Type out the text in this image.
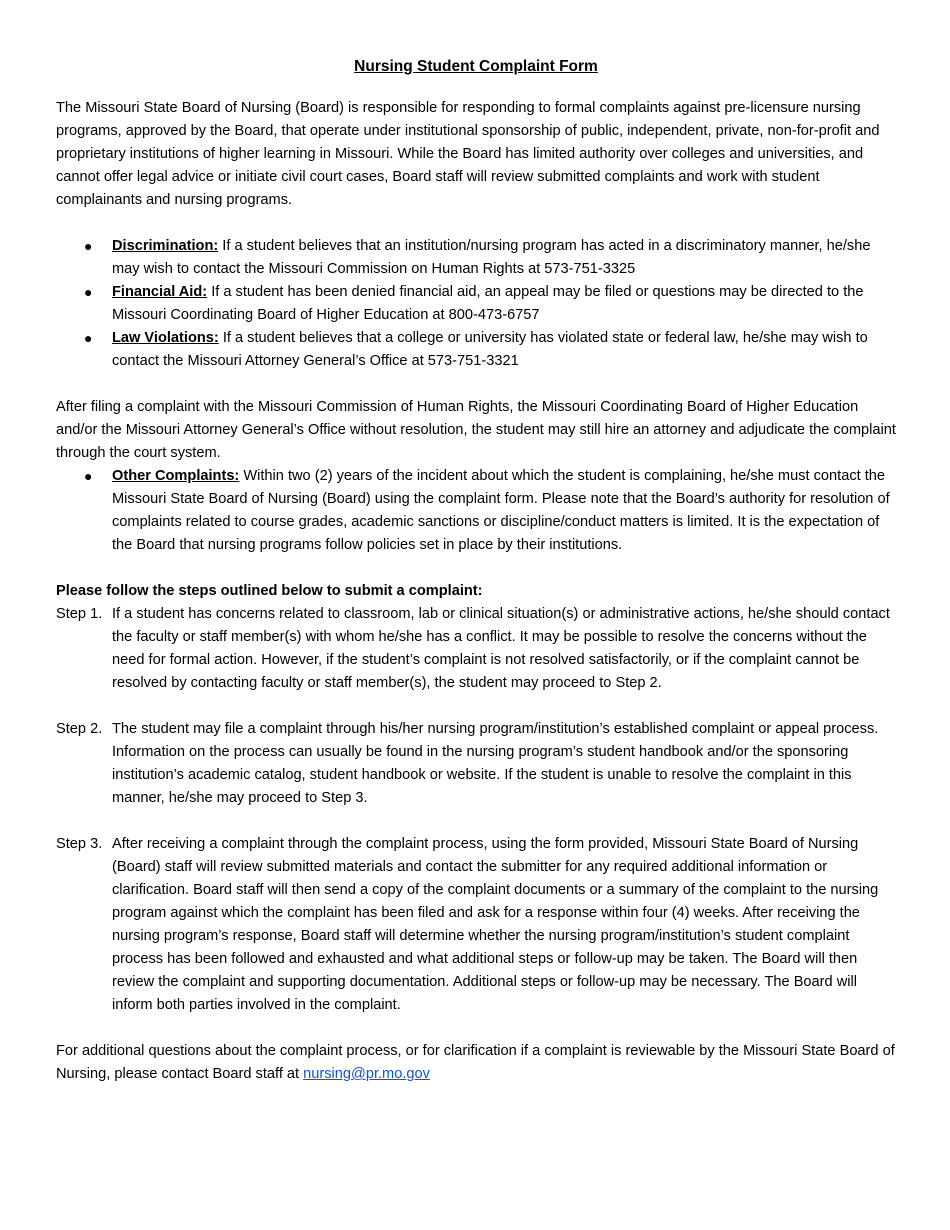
Nursing Student Complaint Form

The Missouri State Board of Nursing (Board) is responsible for responding to formal complaints against pre-licensure nursing programs, approved by the Board, that operate under institutional sponsorship of public, independent, private, non-for-profit and proprietary institutions of higher learning in Missouri. While the Board has limited authority over colleges and universities, and cannot offer legal advice or initiate civil court cases, Board staff will review submitted complaints and work with student complainants and nursing programs.

● Discrimination: If a student believes that an institution/nursing program has acted in a discriminatory manner, he/she may wish to contact the Missouri Commission on Human Rights at 573-751-3325
● Financial Aid: If a student has been denied financial aid, an appeal may be filed or questions may be directed to the Missouri Coordinating Board of Higher Education at 800-473-6757
● Law Violations: If a student believes that a college or university has violated state or federal law, he/she may wish to contact the Missouri Attorney General’s Office at 573-751-3321

After filing a complaint with the Missouri Commission of Human Rights, the Missouri Coordinating Board of Higher Education and/or the Missouri Attorney General’s Office without resolution, the student may still hire an attorney and adjudicate the complaint through the court system.

● Other Complaints: Within two (2) years of the incident about which the student is complaining, he/she must contact the Missouri State Board of Nursing (Board) using the complaint form. Please note that the Board’s authority for resolution of complaints related to course grades, academic sanctions or discipline/conduct matters is limited. It is the expectation of the Board that nursing programs follow policies set in place by their institutions.

Please follow the steps outlined below to submit a complaint:

Step 1. If a student has concerns related to classroom, lab or clinical situation(s) or administrative actions, he/she should contact the faculty or staff member(s) with whom he/she has a conflict. It may be possible to resolve the concerns without the need for formal action. However, if the student’s complaint is not resolved satisfactorily, or if the complaint cannot be resolved by contacting faculty or staff member(s), the student may proceed to Step 2.
Step 2. The student may file a complaint through his/her nursing program/institution’s established complaint or appeal process. Information on the process can usually be found in the nursing program’s student handbook and/or the sponsoring institution’s academic catalog, student handbook or website. If the student is unable to resolve the complaint in this manner, he/she may proceed to Step 3.
Step 3. After receiving a complaint through the complaint process, using the form provided, Missouri State Board of Nursing (Board) staff will review submitted materials and contact the submitter for any required additional information or clarification. Board staff will then send a copy of the complaint documents or a summary of the complaint to the nursing program against which the complaint has been filed and ask for a response within four (4) weeks. After receiving the nursing program’s response, Board staff will determine whether the nursing program/institution’s student complaint process has been followed and exhausted and what additional steps or follow-up may be taken. The Board will then review the complaint and supporting documentation. Additional steps or follow-up may be necessary. The Board will inform both parties involved in the complaint.

For additional questions about the complaint process, or for clarification if a complaint is reviewable by the Missouri State Board of Nursing, please contact Board staff at nursing@pr.mo.gov
